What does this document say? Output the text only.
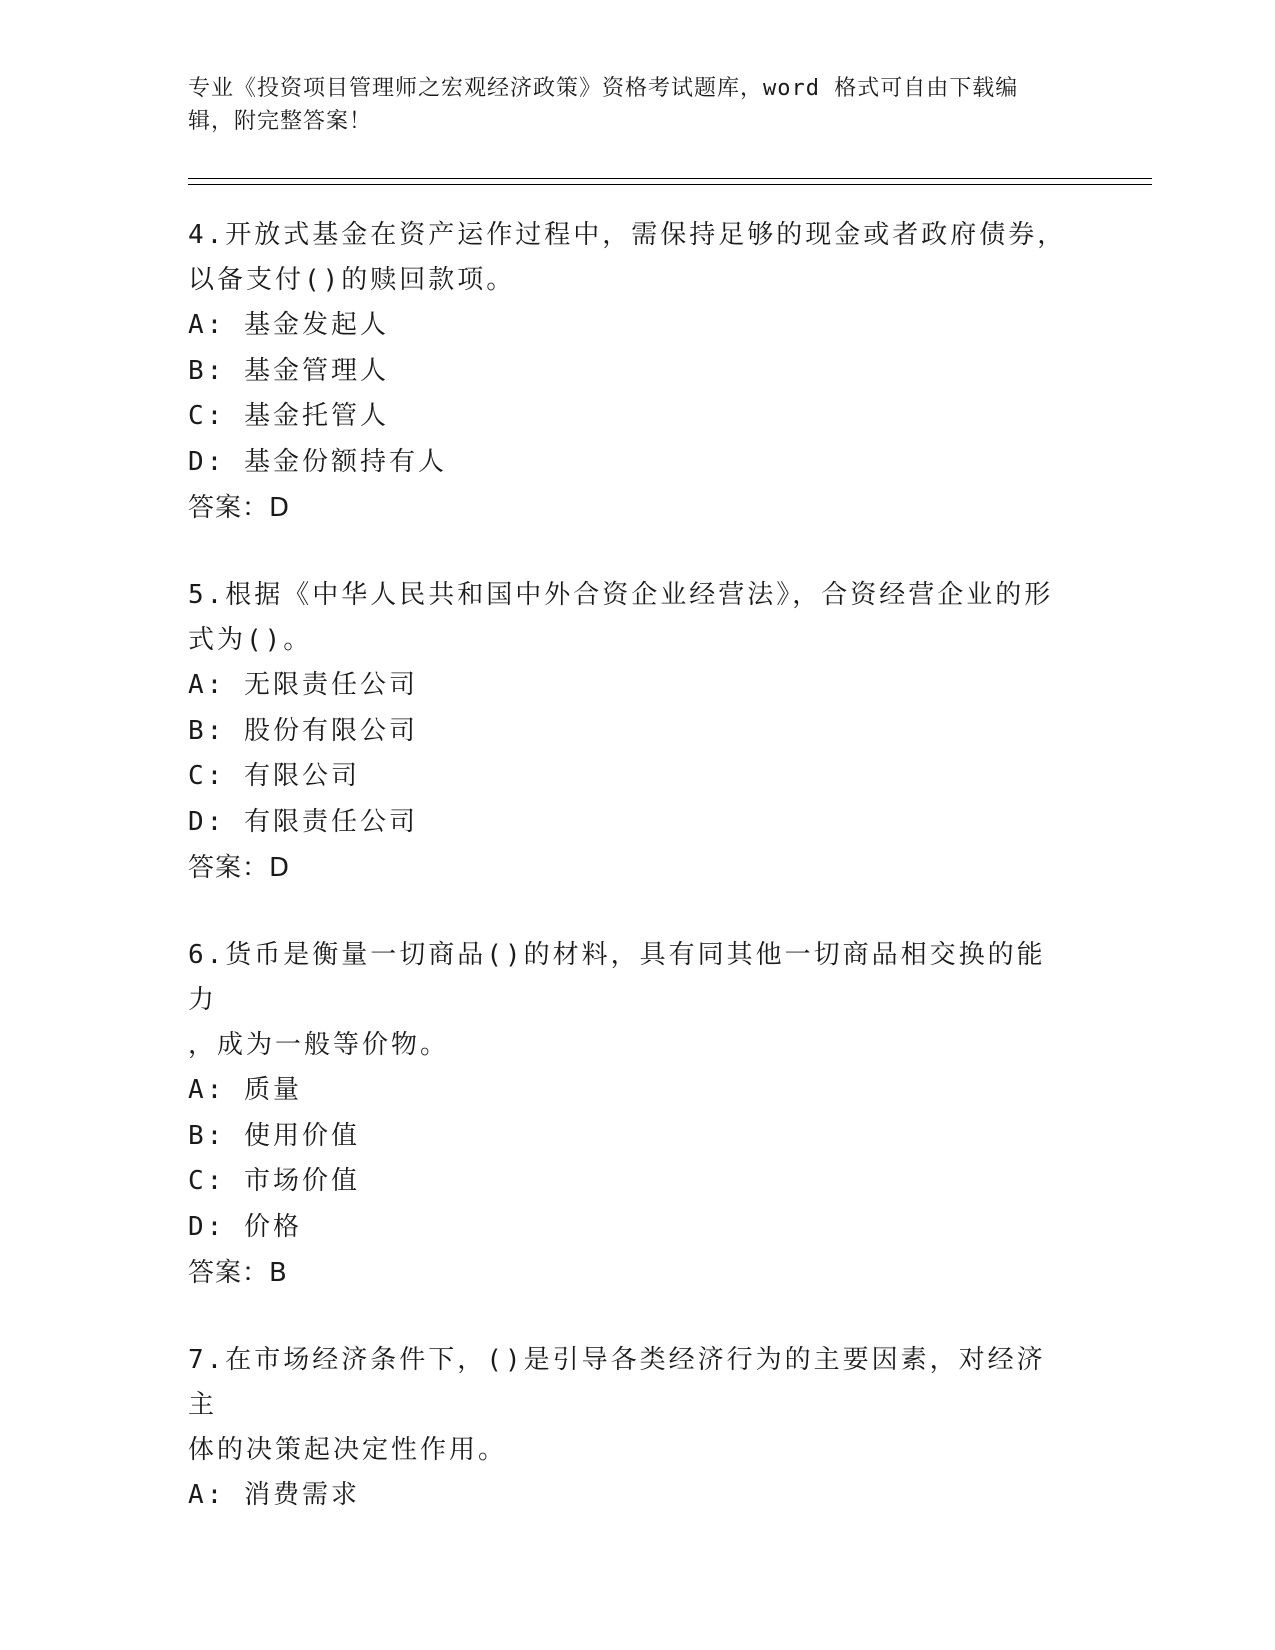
专业《投资项目管理师之宏观经济政策》资格考试题库，word 格式可自由下载编
辑，附完整答案！

4.开放式基金在资产运作过程中，需保持足够的现金或者政府债券，

以备支付()的赎回款项。

A: 基金发起人

B: 基金管理人

C: 基金托管人

D: 基金份额持有人

答案：D

5.根据《中华人民共和国中外合资企业经营法》，合资经营企业的形

式为()。

A: 无限责任公司

B: 股份有限公司

C: 有限公司

D: 有限责任公司

答案：D

6.货币是衡量一切商品()的材料，具有同其他一切商品相交换的能力

，成为一般等价物。

A: 质量

B: 使用价值

C: 市场价值

D: 价格

答案：B

7.在市场经济条件下，()是引导各类经济行为的主要因素，对经济主

体的决策起决定性作用。

A: 消费需求
